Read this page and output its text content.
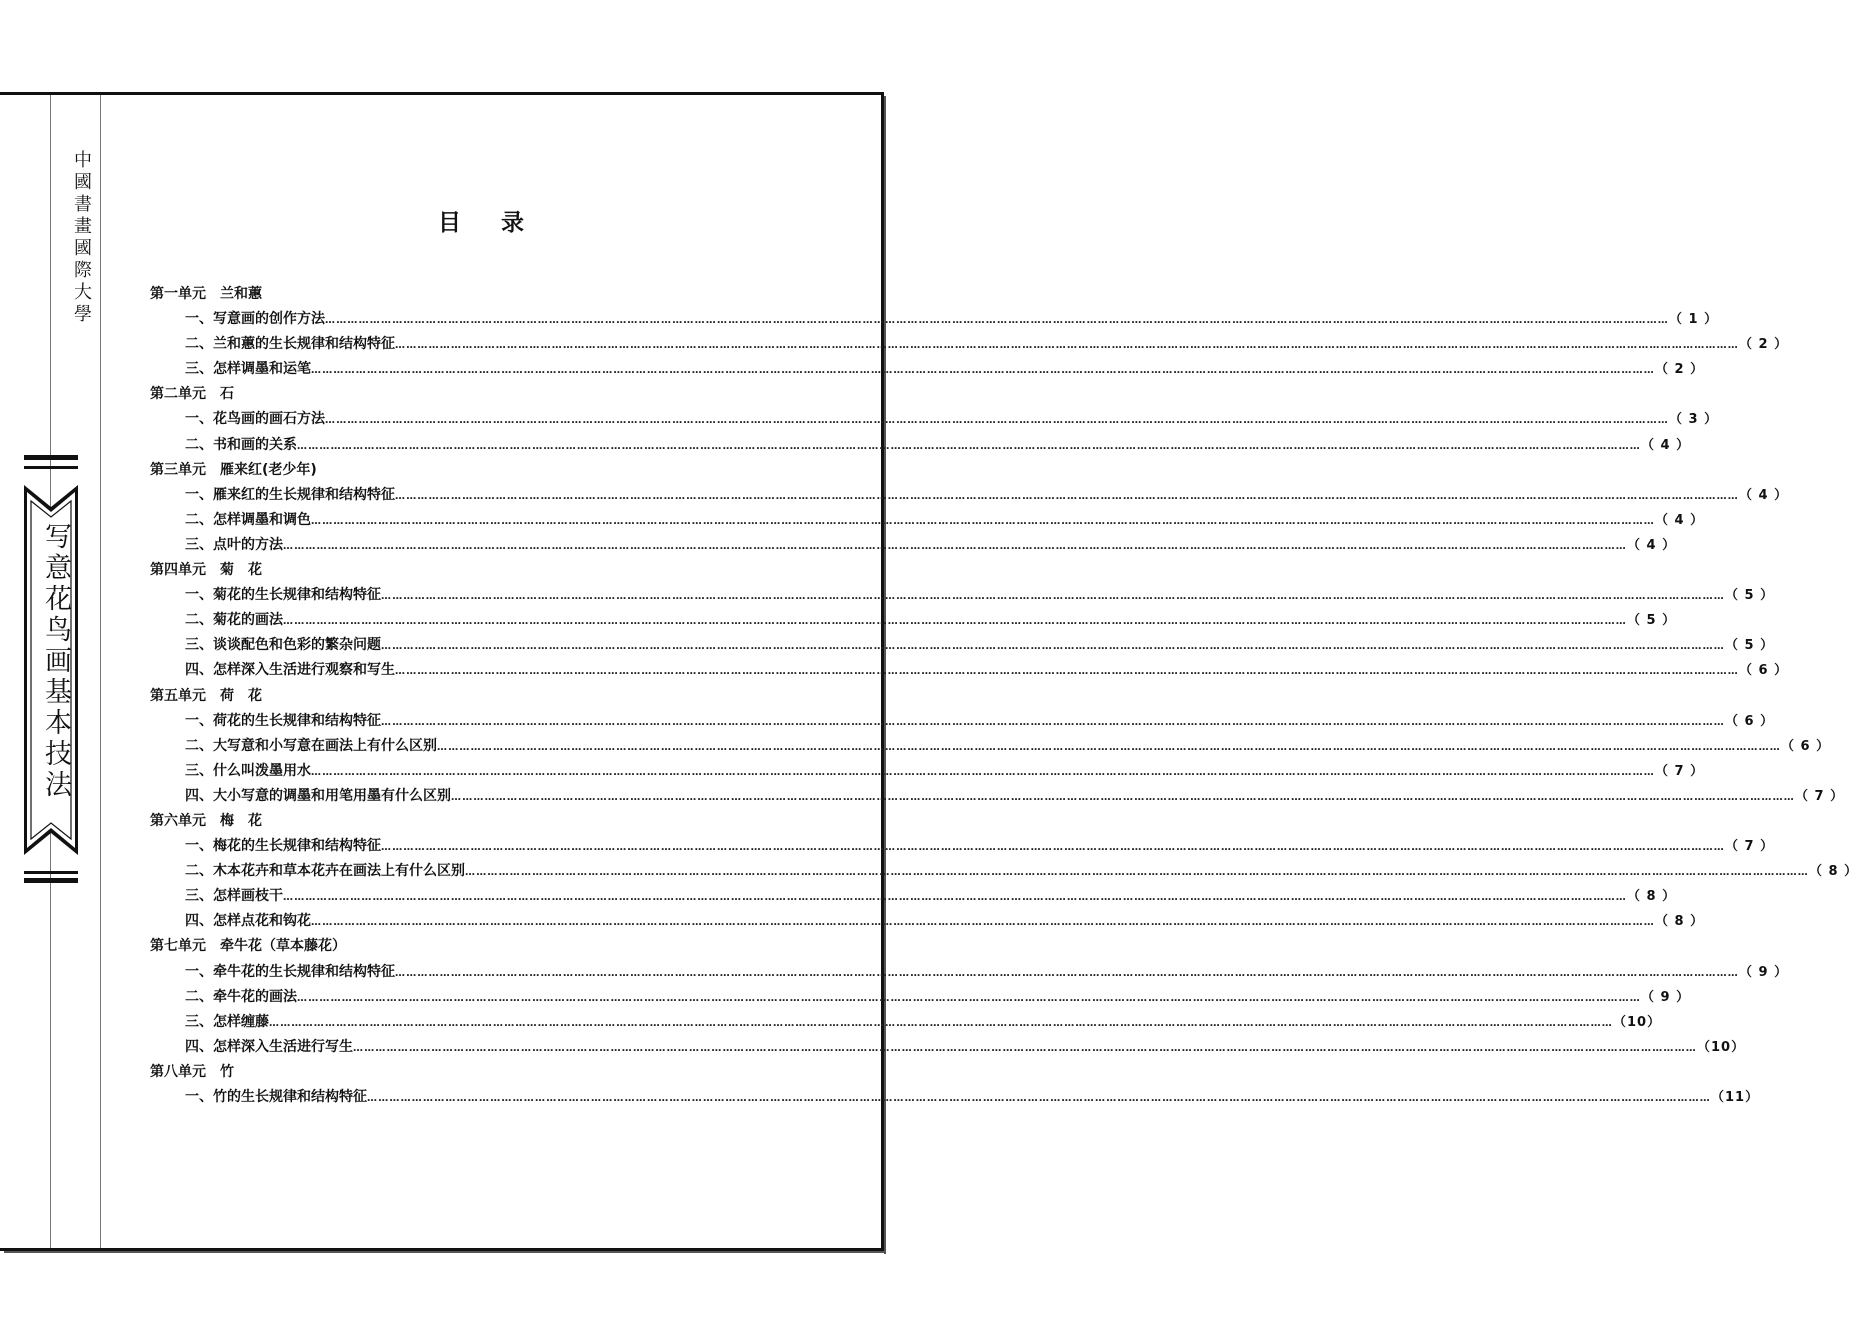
中國書畫國際大學
写意花鸟画基本技法
目录
第一单元　兰和蕙
一、写意画的创作方法 ……………………………………………………………………………………………………………………………………………………………………………………………………………………………………………………………………………………………………………………………… （ 1 ）
二、兰和蕙的生长规律和结构特征 ……………………………………………………………………………………………………………………………………………………………………………………………………………………………………………………………………………………………………………………………… （ 2 ）
三、怎样调墨和运笔 ……………………………………………………………………………………………………………………………………………………………………………………………………………………………………………………………………………………………………………………………… （ 2 ）
第二单元　石
一、花鸟画的画石方法 ……………………………………………………………………………………………………………………………………………………………………………………………………………………………………………………………………………………………………………………………… （ 3 ）
二、书和画的关系 ……………………………………………………………………………………………………………………………………………………………………………………………………………………………………………………………………………………………………………………………… （ 4 ）
第三单元　雁来红(老少年)
一、雁来红的生长规律和结构特征 ……………………………………………………………………………………………………………………………………………………………………………………………………………………………………………………………………………………………………………………………… （ 4 ）
二、怎样调墨和调色 ……………………………………………………………………………………………………………………………………………………………………………………………………………………………………………………………………………………………………………………………… （ 4 ）
三、点叶的方法 ……………………………………………………………………………………………………………………………………………………………………………………………………………………………………………………………………………………………………………………………… （ 4 ）
第四单元　菊　花
一、菊花的生长规律和结构特征 ……………………………………………………………………………………………………………………………………………………………………………………………………………………………………………………………………………………………………………………………… （ 5 ）
二、菊花的画法 ……………………………………………………………………………………………………………………………………………………………………………………………………………………………………………………………………………………………………………………………… （ 5 ）
三、谈谈配色和色彩的繁杂问题 ……………………………………………………………………………………………………………………………………………………………………………………………………………………………………………………………………………………………………………………………… （ 5 ）
四、怎样深入生活进行观察和写生 ……………………………………………………………………………………………………………………………………………………………………………………………………………………………………………………………………………………………………………………………… （ 6 ）
第五单元　荷　花
一、荷花的生长规律和结构特征 ……………………………………………………………………………………………………………………………………………………………………………………………………………………………………………………………………………………………………………………………… （ 6 ）
二、大写意和小写意在画法上有什么区别 ……………………………………………………………………………………………………………………………………………………………………………………………………………………………………………………………………………………………………………………………… （ 6 ）
三、什么叫泼墨用水 ……………………………………………………………………………………………………………………………………………………………………………………………………………………………………………………………………………………………………………………………… （ 7 ）
四、大小写意的调墨和用笔用墨有什么区别 ……………………………………………………………………………………………………………………………………………………………………………………………………………………………………………………………………………………………………………………………… （ 7 ）
第六单元　梅　花
一、梅花的生长规律和结构特征 ……………………………………………………………………………………………………………………………………………………………………………………………………………………………………………………………………………………………………………………………… （ 7 ）
二、木本花卉和草本花卉在画法上有什么区别 ……………………………………………………………………………………………………………………………………………………………………………………………………………………………………………………………………………………………………………………………… （ 8 ）
三、怎样画枝干 ……………………………………………………………………………………………………………………………………………………………………………………………………………………………………………………………………………………………………………………………… （ 8 ）
四、怎样点花和钩花 ……………………………………………………………………………………………………………………………………………………………………………………………………………………………………………………………………………………………………………………………… （ 8 ）
第七单元　牵牛花（草本藤花）
一、牵牛花的生长规律和结构特征 ……………………………………………………………………………………………………………………………………………………………………………………………………………………………………………………………………………………………………………………………… （ 9 ）
二、牵牛花的画法 ……………………………………………………………………………………………………………………………………………………………………………………………………………………………………………………………………………………………………………………………… （ 9 ）
三、怎样缠藤 ……………………………………………………………………………………………………………………………………………………………………………………………………………………………………………………………………………………………………………………………… （10）
四、怎样深入生活进行写生 ……………………………………………………………………………………………………………………………………………………………………………………………………………………………………………………………………………………………………………………………… （10）
第八单元　竹
一、竹的生长规律和结构特征 ……………………………………………………………………………………………………………………………………………………………………………………………………………………………………………………………………………………………………………………………… （11）
